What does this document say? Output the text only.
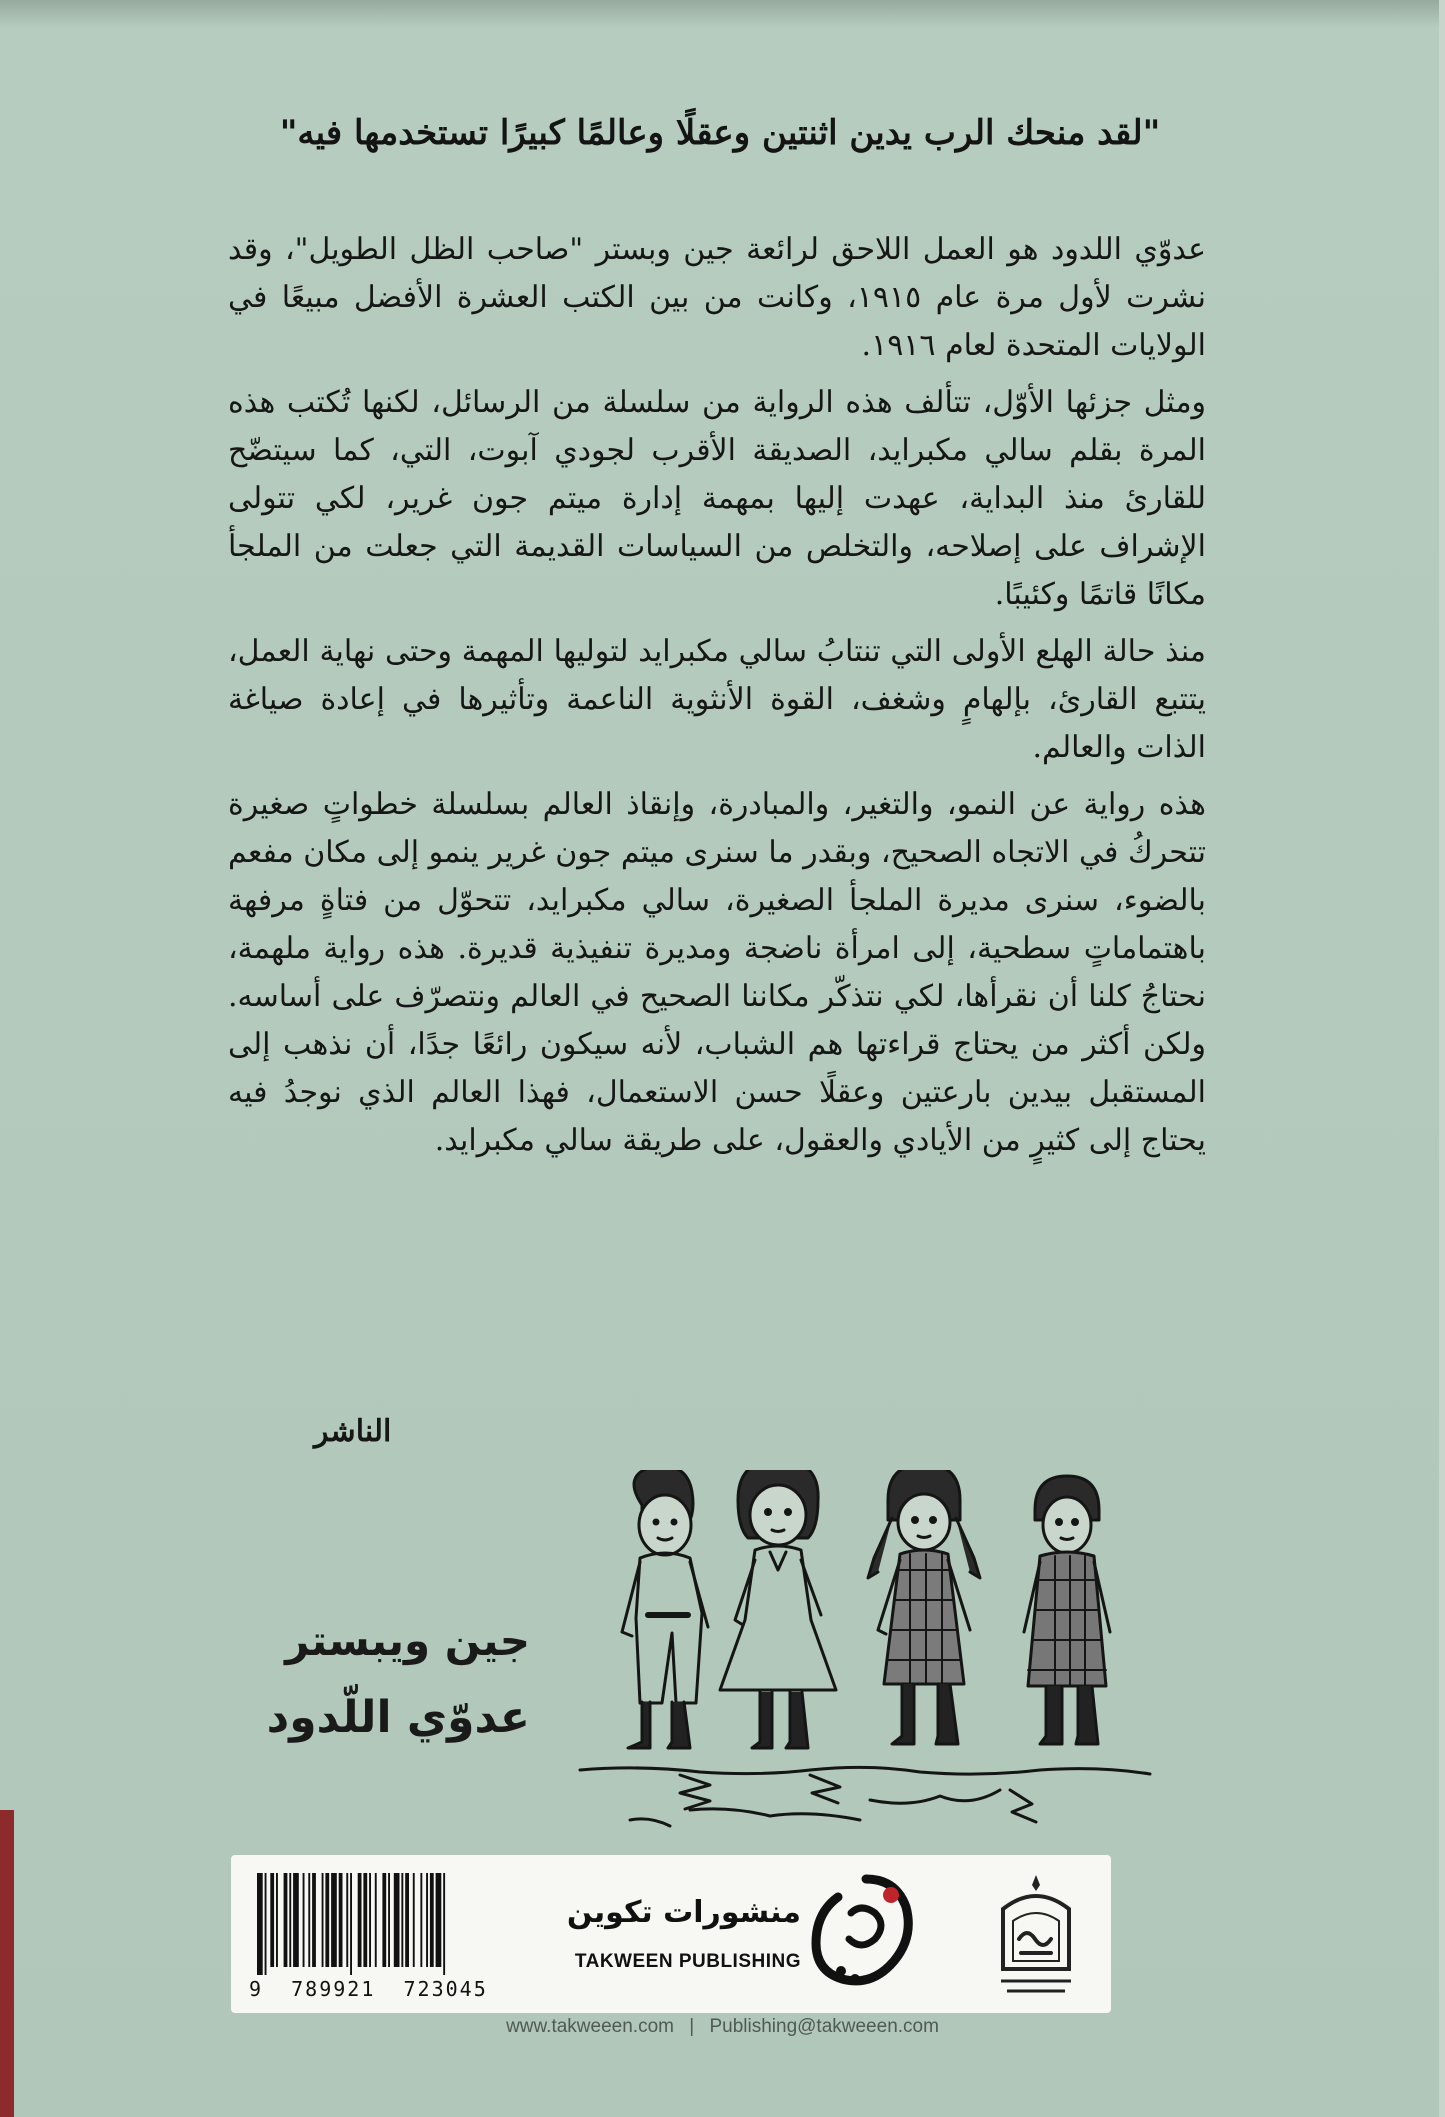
"لقد منحك الرب يدين اثنتين وعقلًا وعالمًا كبيرًا تستخدمها فيه"

عدوّي اللدود هو العمل اللاحق لرائعة جين وبستر "صاحب الظل الطويل"، وقد نشرت لأول مرة عام ١٩١٥، وكانت من بين الكتب العشرة الأفضل مبيعًا في الولايات المتحدة لعام ١٩١٦.

ومثل جزئها الأوّل، تتألف هذه الرواية من سلسلة من الرسائل، لكنها تُكتب هذه المرة بقلم سالي مكبرايد، الصديقة الأقرب لجودي آبوت، التي، كما سيتضّح للقارئ منذ البداية، عهدت إليها بمهمة إدارة ميتم جون غرير، لكي تتولى الإشراف على إصلاحه، والتخلص من السياسات القديمة التي جعلت من الملجأ مكانًا قاتمًا وكئيبًا.

منذ حالة الهلع الأولى التي تنتابُ سالي مكبرايد لتوليها المهمة وحتى نهاية العمل، يتتبع القارئ، بإلهامٍ وشغف، القوة الأنثوية الناعمة وتأثيرها في إعادة صياغة الذات والعالم.

هذه رواية عن النمو، والتغير، والمبادرة، وإنقاذ العالم بسلسلة خطواتٍ صغيرة تتحركُ في الاتجاه الصحيح، وبقدر ما سنرى ميتم جون غرير ينمو إلى مكان مفعم بالضوء، سنرى مديرة الملجأ الصغيرة، سالي مكبرايد، تتحوّل من فتاةٍ مرفهة باهتماماتٍ سطحية، إلى امرأة ناضجة ومديرة تنفيذية قديرة. هذه رواية ملهمة، نحتاجُ كلنا أن نقرأها، لكي نتذكّر مكاننا الصحيح في العالم ونتصرّف على أساسه. ولكن أكثر من يحتاج قراءتها هم الشباب، لأنه سيكون رائعًا جدًا، أن نذهب إلى المستقبل بيدين بارعتين وعقلًا حسن الاستعمال، فهذا العالم الذي نوجدُ فيه يحتاج إلى كثيرٍ من الأيادي والعقول، على طريقة سالي مكبرايد.

الناشر
جين ويبستر
عدوّي اللّدود
9 789921 723045
منشورات تكوين
TAKWEEN PUBLISHING
www.takweeen.com | Publishing@takweeen.com
